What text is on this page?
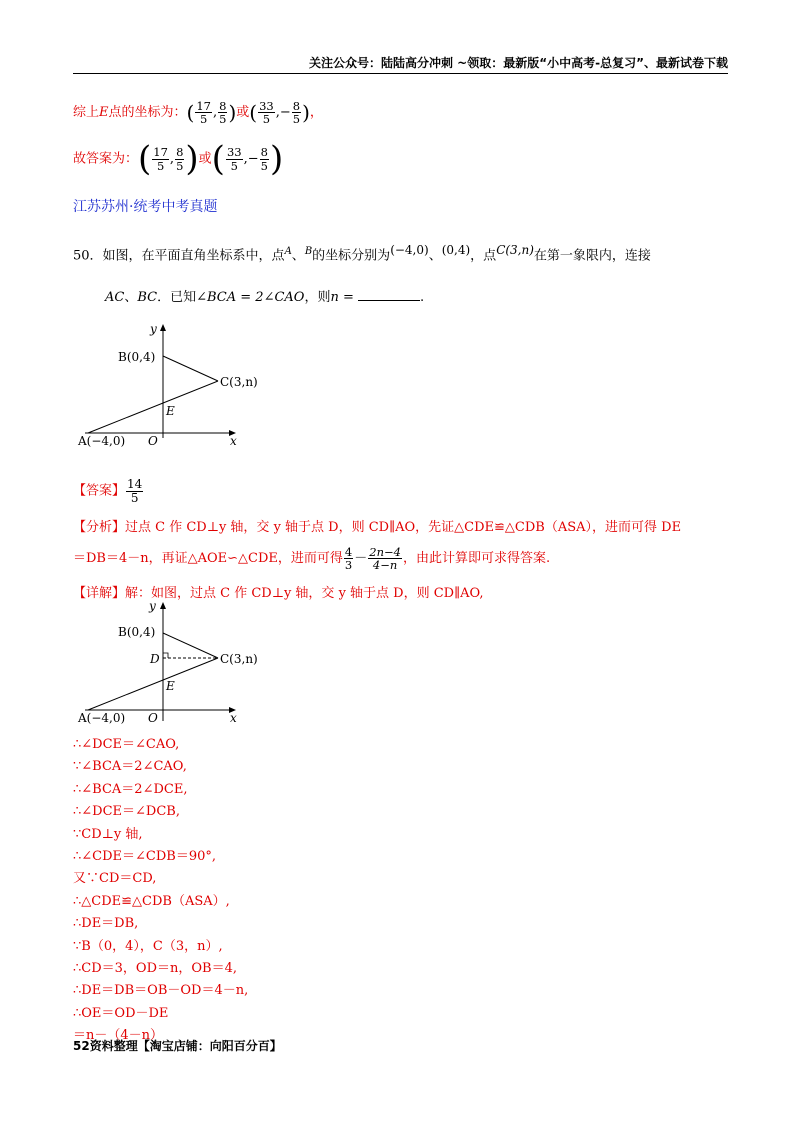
关注公众号：陆陆高分冲刺 ~领取：最新版“小中高考-总复习”、最新试卷下载
综上E点的坐标为：( $\frac{17}{5}$ , $\frac{8}{5}$ )或( $\frac{33}{5}$ ,− $\frac{8}{5}$ )，
故答案为：( $\frac{17}{5}$ , $\frac{8}{5}$ )或( $\frac{33}{5}$ ,− $\frac{8}{5}$ )
江苏苏州·统考中考真题
50．如图，在平面直角坐标系中，点$^A$、$^B$的坐标分别为$^{(-4,0)}$、$^{(0,4)}$，点$^{C(3,n)}$在第一象限内，连接
AC、BC．已知∠BCA = 2∠CAO，则n =	.
y
x
B(0,4)
C(3,n)
E
A(−4,0) O
【答案】 $\frac{14}{5}$
【分析】过点 C 作 CD⊥y 轴，交 y 轴于点 D，则 CD∥AO，先证△CDE≌△CDB（ASA），进而可得 DE
＝DB＝4－n，再证△AOE∽△CDE，进而可得 $\frac{4}{3} - \frac{2n-4}{4-n}$ ，由此计算即可求得答案.
【详解】解：如图，过点 C 作 CD⊥y 轴，交 y 轴于点 D，则 CD∥AO,
y
x
B(0,4)
D	C(3,n)
E
A(−4,0) O
∴∠DCE＝∠CAO,
∵∠BCA＝2∠CAO,
∴∠BCA＝2∠DCE,
∴∠DCE＝∠DCB,
∵CD⊥y 轴,
∴∠CDE＝∠CDB＝90°,
又∵CD＝CD,
∴△CDE≌△CDB（ASA）,
∴DE＝DB,
∵B（0，4），C（3，n）,
∴CD＝3，OD＝n，OB＝4,
∴DE＝DB＝OB－OD＝4－n,
∴OE＝OD－DE
＝n－（4－n）
52资料整理【淘宝店铺：向阳百分百】
